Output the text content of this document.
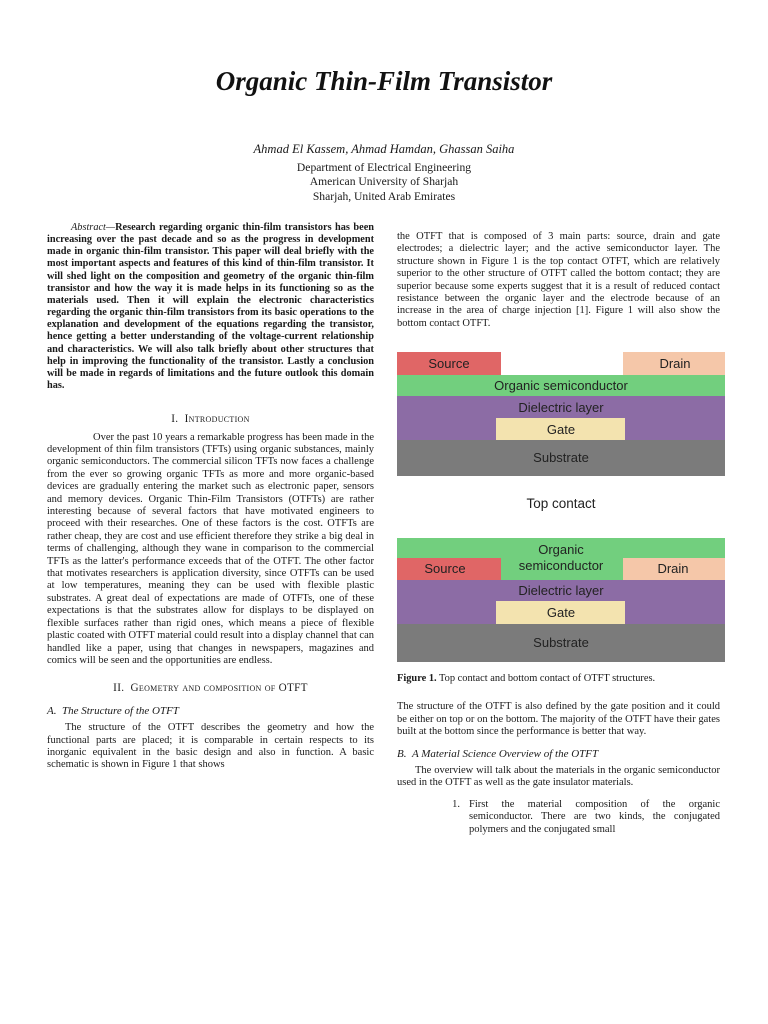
Organic Thin-Film Transistor
Ahmad El Kassem, Ahmad Hamdan, Ghassan Saiha
Department of Electrical Engineering
American University of Sharjah
Sharjah, United Arab Emirates

Abstract—Research regarding organic thin-film transistors has been increasing over the past decade and so as the progress in development made in organic thin-film transistor. This paper will deal briefly with the most important aspects and features of this kind of thin-film transistor. It will shed light on the composition and geometry of the organic thin-film transistor and how the way it is made helps in its functioning so as the materials used. Then it will explain the electronic characteristics regarding the organic thin-film transistors from its basic operations to the explanation and development of the equations regarding the transistor, hence getting a better understanding of the voltage-current relationship and characteristics. We will also talk briefly about other structures that help in improving the functionality of the transistor. Lastly a conclusion will be made in regards of limitations and the future outlook this domain has.

I. Introduction

Over the past 10 years a remarkable progress has been made in the development of thin film transistors (TFTs) using organic substances, mainly organic semiconductors. The commercial silicon TFTs now faces a challenge from the ever so growing organic TFTs as more and more organic-based devices are gradually entering the market such as electronic paper, sensors and memory devices. Organic Thin-Film Transistors (OTFTs) are rather interesting because of several factors that have motivated engineers to proceed with their researches. One of these factors is the cost. OTFTs are rather cheap, they are cost and use efficient therefore they strike a big deal in terms of challenging, although they wane in comparison to the commercial TFTs as the latter's performance exceeds that of the OTFT. The other factor that motivates researchers is application diversity, since OTFTs can be used at low temperatures, meaning they can be used with flexible plastic substrates. A great deal of expectations are made of OTFTs, one of these expectations is that the substrates allow for displays to be displayed on flexible surfaces rather than rigid ones, which means a piece of flexible plastic coated with OTFT material could result into a display channel that can handled like a paper, using that changes in newspapers, magazines and comics will be seen and the opportunities are endless.

II. Geometry and composition of OTFT

A. The Structure of the OTFT

The structure of the OTFT describes the geometry and how the functional parts are placed; it is comparable in certain respects to its inorganic equivalent in the basic design and also in function. A basic schematic is shown in Figure 1 that shows

the OTFT that is composed of 3 main parts: source, drain and gate electrodes; a dielectric layer; and the active semiconductor layer. The structure shown in Figure 1 is the top contact OTFT, which are relatively superior to the other structure of OTFT called the bottom contact; they are superior because some experts suggest that it is a result of reduced contact resistance between the organic layer and the electrode because of an increase in the area of charge injection [1]. Figure 1 will also show the bottom contact OTFT.

Source	Drain
Organic semiconductor
Dielectric layer
Gate
Substrate
Top contact
Organic
semiconductor
Source	Drain
Dielectric layer
Gate
Substrate

Figure 1. Top contact and bottom contact of OTFT structures.

The structure of the OTFT is also defined by the gate position and it could be either on top or on the bottom. The majority of the OTFT have their gates built at the bottom since the performance is better that way.

B. A Material Science Overview of the OTFT

The overview will talk about the materials in the organic semiconductor used in the OTFT as well as the gate insulator materials.

1. First the material composition of the organic semiconductor. There are two kinds, the conjugated polymers and the conjugated small
